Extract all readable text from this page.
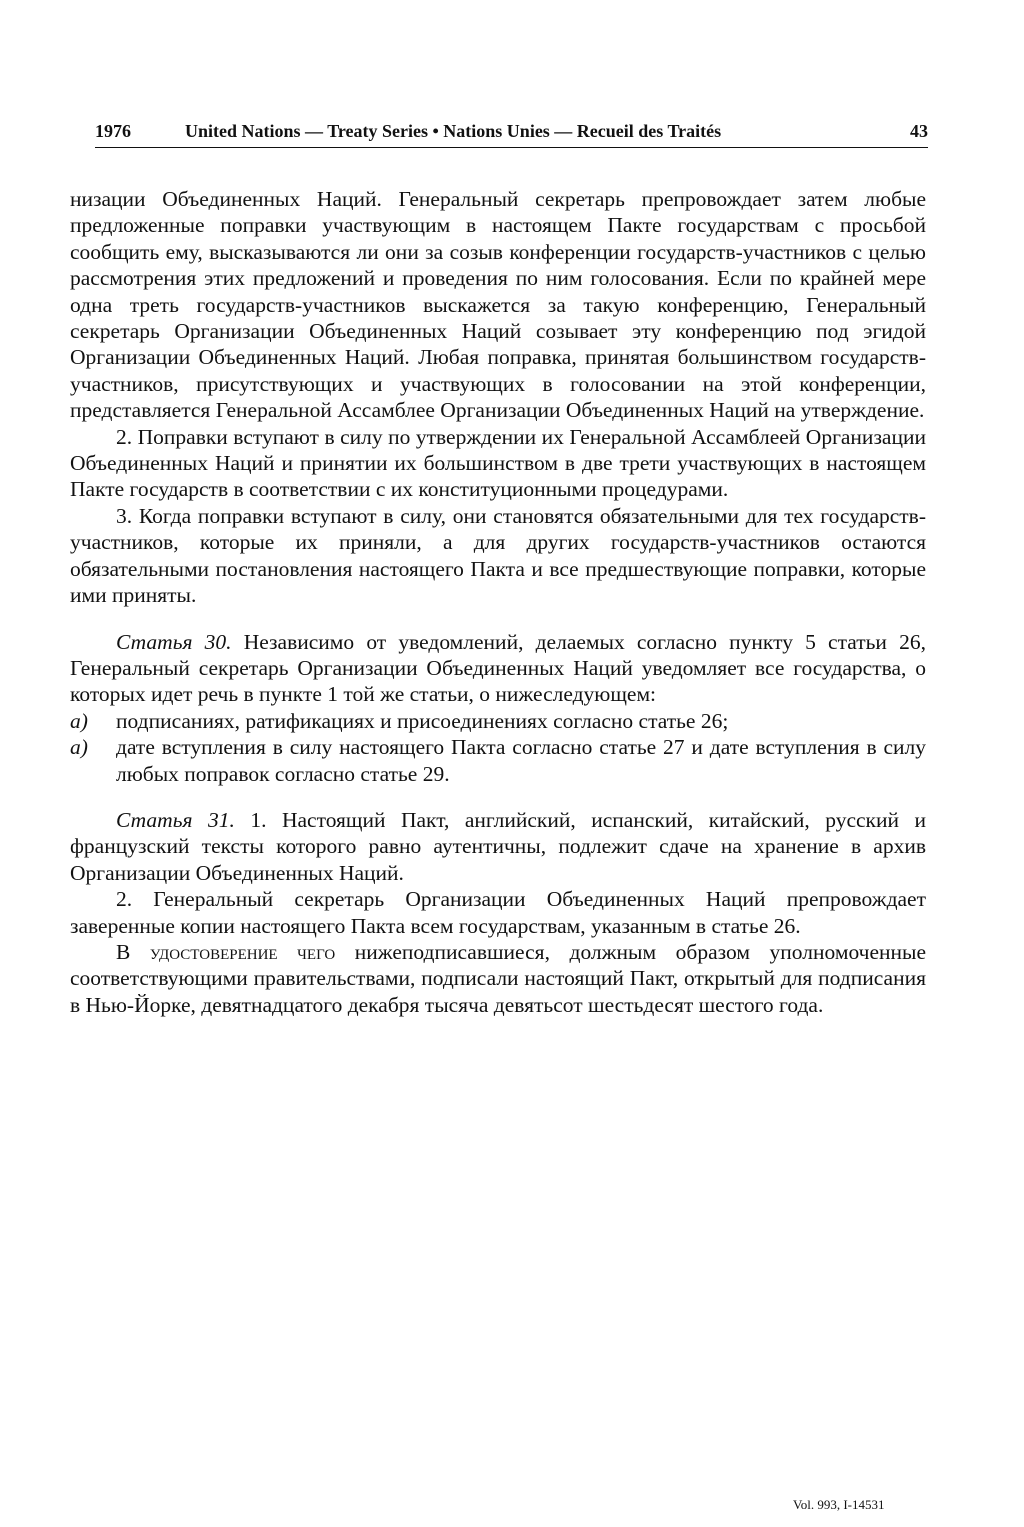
1976	United Nations — Treaty Series • Nations Unies — Recueil des Traités	43

низации Объединенных Наций. Генеральный секретарь препровождает затем любые предложенные поправки участвующим в настоящем Пакте государствам с просьбой сообщить ему, высказываются ли они за созыв конференции государств-участников с целью рассмотрения этих предложений и проведения по ним голосования. Если по крайней мере одна треть государств-участников выскажется за такую конференцию, Генеральный секретарь Организации Объединенных Наций созывает эту конференцию под эгидой Организации Объединенных Наций. Любая поправка, принятая большинством государств-участников, присутствующих и участвующих в голосовании на этой конференции, представляется Генеральной Ассамблее Организации Объединенных Наций на утверждение.

2. Поправки вступают в силу по утверждении их Генеральной Ассамблеей Организации Объединенных Наций и принятии их большинством в две трети участвующих в настоящем Пакте государств в соответствии с их конституционными процедурами.

3. Когда поправки вступают в силу, они становятся обязательными для тех государств-участников, которые их приняли, а для других государств-участников остаются обязательными постановления настоящего Пакта и все предшествующие поправки, которые ими приняты.

Статья 30. Независимо от уведомлений, делаемых согласно пункту 5 статьи 26, Генеральный секретарь Организации Объединенных Наций уведомляет все государства, о которых идет речь в пункте 1 той же статьи, о нижеследующем:

a) подписаниях, ратификациях и присоединениях согласно статье 26;

a) дате вступления в силу настоящего Пакта согласно статье 27 и дате вступления в силу любых поправок согласно статье 29.

Статья 31. 1. Настоящий Пакт, английский, испанский, китайский, русский и французский тексты которого равно аутентичны, подлежит сдаче на хранение в архив Организации Объединенных Наций.

2. Генеральный секретарь Организации Объединенных Наций препровождает заверенные копии настоящего Пакта всем государствам, указанным в статье 26.

В удостоверение чего нижеподписавшиеся, должным образом уполномоченные соответствующими правительствами, подписали настоящий Пакт, открытый для подписания в Нью-Йорке, девятнадцатого декабря тысяча девятьсот шестьдесят шестого года.

Vol. 993, I-14531
